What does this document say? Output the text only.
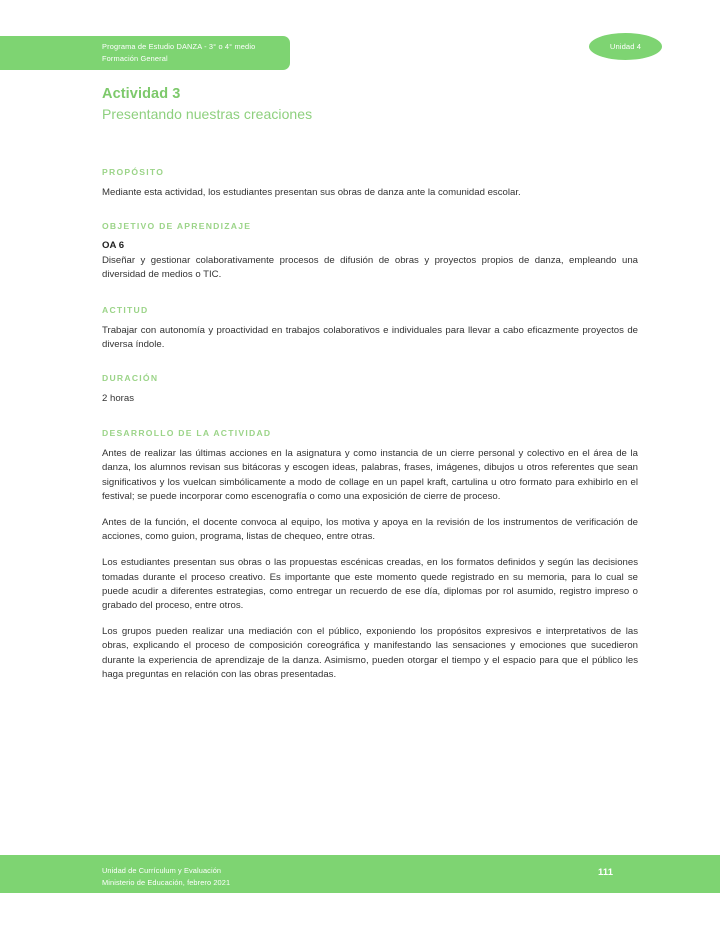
Programa de Estudio DANZA - 3° o 4° medio
Formación General
Unidad 4
Actividad 3
Presentando nuestras creaciones
PROPÓSITO

Mediante esta actividad, los estudiantes presentan sus obras de danza ante la comunidad escolar.

OBJETIVO DE APRENDIZAJE
OA 6

Diseñar y gestionar colaborativamente procesos de difusión de obras y proyectos propios de danza, empleando una diversidad de medios o TIC.

ACTITUD

Trabajar con autonomía y proactividad en trabajos colaborativos e individuales para llevar a cabo eficazmente proyectos de diversa índole.

DURACIÓN

2 horas

DESARROLLO DE LA ACTIVIDAD

Antes de realizar las últimas acciones en la asignatura y como instancia de un cierre personal y colectivo en el área de la danza, los alumnos revisan sus bitácoras y escogen ideas, palabras, frases, imágenes, dibujos u otros referentes que sean significativos y los vuelcan simbólicamente a modo de collage en un papel kraft, cartulina u otro formato para exhibirlo en el festival; se puede incorporar como escenografía o como una exposición de cierre de proceso.

Antes de la función, el docente convoca al equipo, los motiva y apoya en la revisión de los instrumentos de verificación de acciones, como guion, programa, listas de chequeo, entre otras.

Los estudiantes presentan sus obras o las propuestas escénicas creadas, en los formatos definidos y según las decisiones tomadas durante el proceso creativo. Es importante que este momento quede registrado en su memoria, para lo cual se puede acudir a diferentes estrategias, como entregar un recuerdo de ese día, diplomas por rol asumido, registro impreso o grabado del proceso, entre otros.

Los grupos pueden realizar una mediación con el público, exponiendo los propósitos expresivos e interpretativos de las obras, explicando el proceso de composición coreográfica y manifestando las sensaciones y emociones que sucedieron durante la experiencia de aprendizaje de la danza. Asimismo, pueden otorgar el tiempo y el espacio para que el público les haga preguntas en relación con las obras presentadas.

Unidad de Currículum y Evaluación
Ministerio de Educación, febrero 2021
111
